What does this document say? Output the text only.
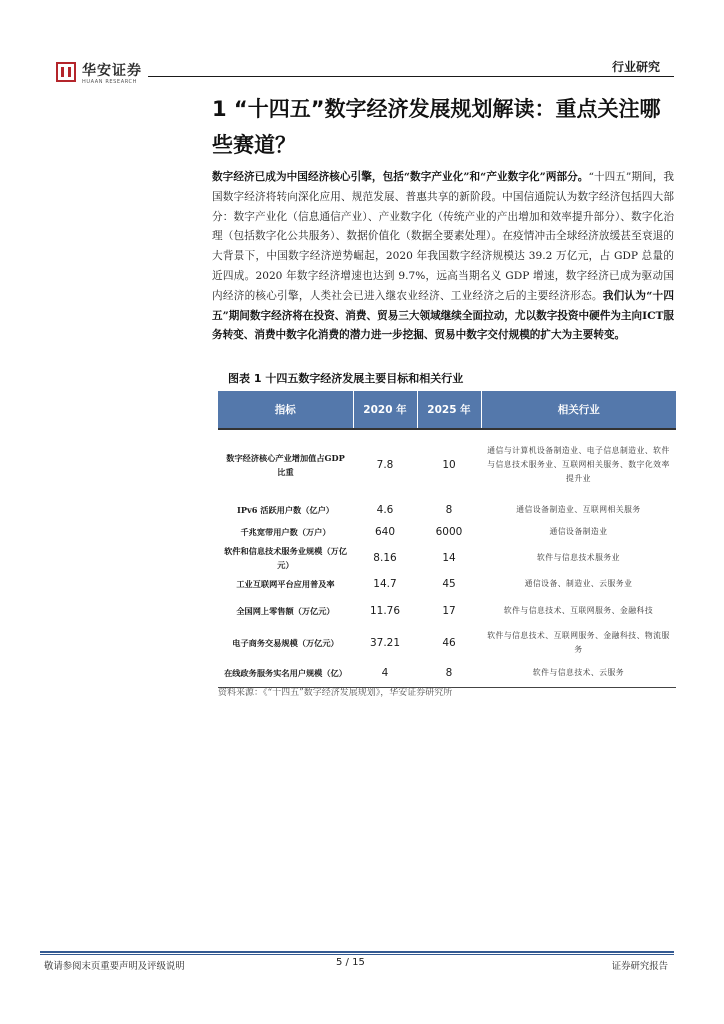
华安证券
HUAAN RESEARCH
行业研究
1 “十四五”数字经济发展规划解读：重点关注哪些赛道？
数字经济已成为中国经济核心引擎，包括“数字产业化”和“产业数字化”两部分。“十四五”期间，我国数字经济将转向深化应用、规范发展、普惠共享的新阶段。中国信通院认为数字经济包括四大部分：数字产业化（信息通信产业）、产业数字化（传统产业的产出增加和效率提升部分）、数字化治理（包括数字化公共服务）、数据价值化（数据全要素处理）。在疫情冲击全球经济放缓甚至衰退的大背景下，中国数字经济逆势崛起，2020 年我国数字经济规模达 39.2 万亿元，占 GDP 总量的近四成。2020 年数字经济增速也达到 9.7%，远高当期名义 GDP 增速，数字经济已成为驱动国内经济的核心引擎，人类社会已进入继农业经济、工业经济之后的主要经济形态。我们认为“十四五”期间数字经济将在投资、消费、贸易三大领域继续全面拉动，尤以数字投资中硬件为主向ICT服务转变、消费中数字化消费的潜力进一步挖掘、贸易中数字交付规模的扩大为主要转变。
图表 1 十四五数字经济发展主要目标和相关行业
指标	2020 年	2025 年	相关行业
数字经济核心产业增加值占GDP 比重	7.8	10	通信与计算机设备制造业、电子信息制造业、软件与信息技术服务业、互联网相关服务、数字化效率提升业
IPv6 活跃用户数（亿户）	4.6	8	通信设备制造业、互联网相关服务
千兆宽带用户数（万户）	640	6000	通信设备制造业
软件和信息技术服务业规模（万亿元）	8.16	14	软件与信息技术服务业
工业互联网平台应用普及率	14.7	45	通信设备、制造业、云服务业
全国网上零售额（万亿元）	11.76	17	软件与信息技术、互联网服务、金融科技
电子商务交易规模（万亿元）	37.21	46	软件与信息技术、互联网服务、金融科技、物流服务
在线政务服务实名用户规模（亿）	4	8	软件与信息技术、云服务
资料来源：《“十四五”数字经济发展规划》，华安证券研究所
敬请参阅末页重要声明及评级说明	5 / 15	证券研究报告
